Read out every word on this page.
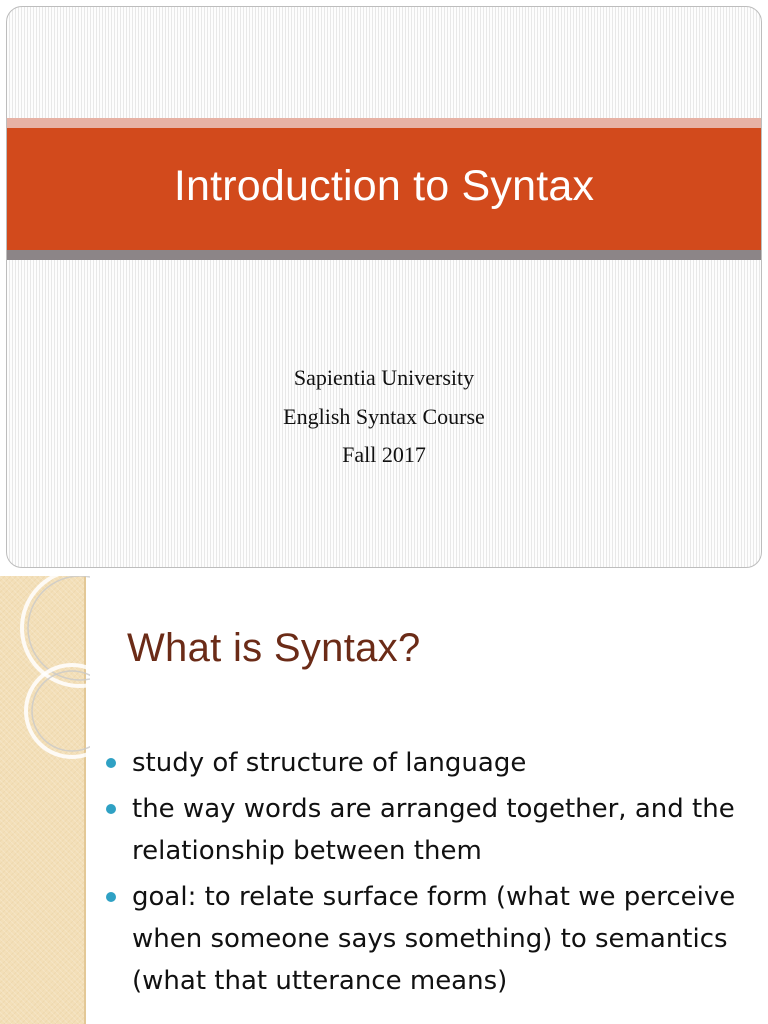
Introduction to Syntax
Sapientia University
English Syntax Course
Fall 2017
What is Syntax?
study of structure of language
the way words are arranged together, and the relationship between them
goal: to relate surface form (what we perceive when someone says something) to semantics (what that utterance means)
